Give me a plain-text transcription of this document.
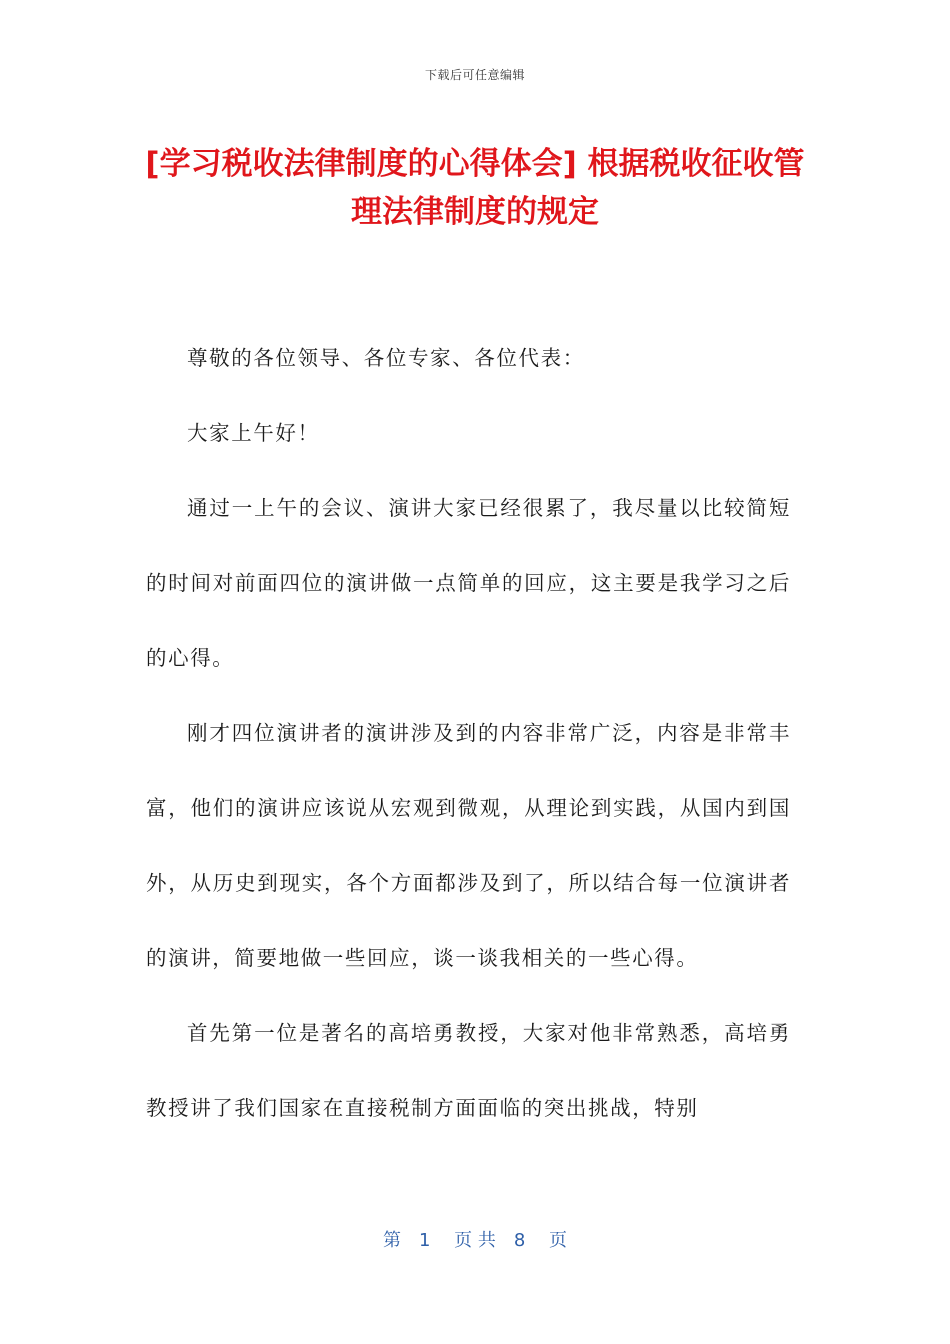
下载后可任意编辑
[学习税收法律制度的心得体会] 根据税收征收管理法律制度的规定

尊敬的各位领导、各位专家、各位代表：

大家上午好！

通过一上午的会议、演讲大家已经很累了，我尽量以比较简短的时间对前面四位的演讲做一点简单的回应，这主要是我学习之后的心得。

刚才四位演讲者的演讲涉及到的内容非常广泛，内容是非常丰富，他们的演讲应该说从宏观到微观，从理论到实践，从国内到国外，从历史到现实，各个方面都涉及到了，所以结合每一位演讲者的演讲，简要地做一些回应，谈一谈我相关的一些心得。

首先第一位是著名的高培勇教授，大家对他非常熟悉，高培勇教授讲了我们国家在直接税制方面面临的突出挑战，特别

第　1　 页 共　8　 页
